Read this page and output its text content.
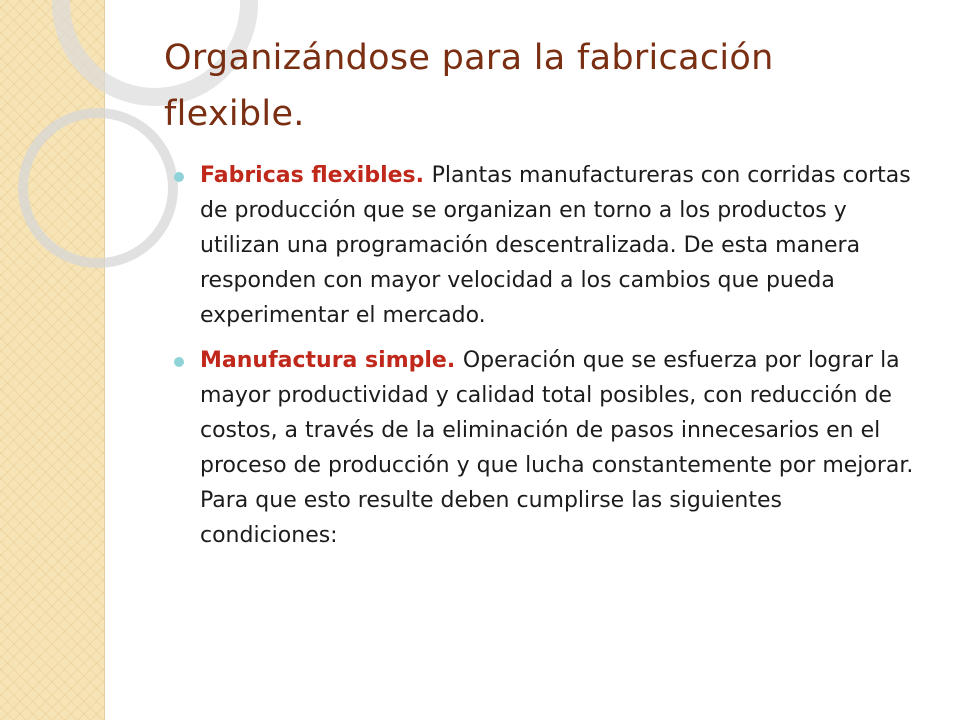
Organizándose para la fabricación flexible.
Fabricas flexibles. Plantas manufactureras con corridas cortas de producción que se organizan en torno a los productos y utilizan una programación descentralizada. De esta manera responden con mayor velocidad a los cambios que pueda experimentar el mercado.
Manufactura simple. Operación que se esfuerza por lograr la mayor productividad y calidad total posibles, con reducción de costos, a través de la eliminación de pasos innecesarios en el proceso de producción y que lucha constantemente por mejorar. Para que esto resulte deben cumplirse las siguientes condiciones:
